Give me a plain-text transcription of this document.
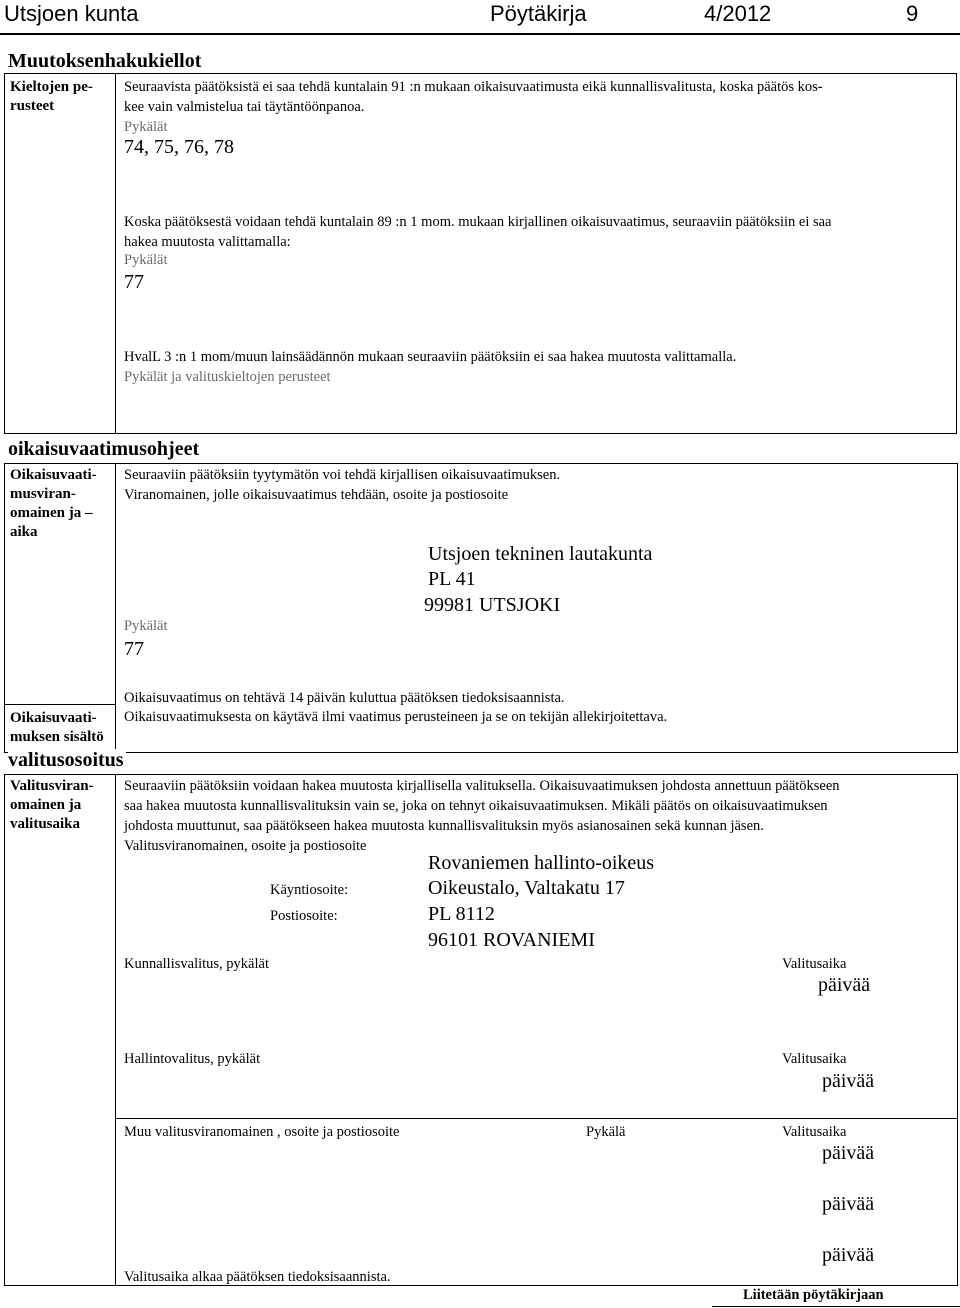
Utsjoen kunta	Pöytäkirja	4/2012	9
Muutoksenhakukiellot
Kieltojen pe-
rusteet
Seuraavista päätöksistä ei saa tehdä kuntalain 91 :n mukaan oikaisuvaatimusta eikä kunnallisvalitusta, koska päätös kos-
kee vain valmistelua tai täytäntöönpanoa.
Pykälät
74, 75, 76, 78
Koska päätöksestä voidaan tehdä kuntalain 89 :n 1 mom. mukaan kirjallinen oikaisuvaatimus, seuraaviin päätöksiin ei saa
hakea muutosta valittamalla:
Pykälät
77
HvalL 3 :n 1 mom/muun lainsäädännön mukaan seuraaviin päätöksiin ei saa hakea muutosta valittamalla.
Pykälät ja valituskieltojen perusteet
oikaisuvaatimusohjeet
Oikaisuvaati-
musviran-
omainen ja –
aika
Seuraaviin päätöksiin tyytymätön voi tehdä kirjallisen oikaisuvaatimuksen.
Viranomainen, jolle oikaisuvaatimus tehdään, osoite ja postiosoite
Utsjoen tekninen lautakunta
PL 41
99981 UTSJOKI
Pykälät
77
Oikaisuvaatimus on tehtävä 14 päivän kuluttua päätöksen tiedoksisaannista.
Oikaisuvaati-
muksen sisältö
Oikaisuvaatimuksesta on käytävä ilmi vaatimus perusteineen ja se on tekijän allekirjoitettava.
valitusosoitus
Valitusviran-
omainen ja
valitusaika
Seuraaviin päätöksiin voidaan hakea muutosta kirjallisella valituksella. Oikaisuvaatimuksen johdosta annettuun päätökseen
saa hakea muutosta kunnallisvalituksin vain se, joka on tehnyt oikaisuvaatimuksen. Mikäli päätös on oikaisuvaatimuksen
johdosta muuttunut, saa päätökseen hakea muutosta kunnallisvalituksin myös asianosainen sekä kunnan jäsen.
Valitusviranomainen, osoite ja postiosoite
Rovaniemen hallinto-oikeus
Käyntiosoite:	Oikeustalo, Valtakatu 17
Postiosoite:	PL 8112
96101 ROVANIEMI
Kunnallisvalitus, pykälät	Valitusaika
päivää
Hallintovalitus, pykälät	Valitusaika
päivää
Muu valitusviranomainen , osoite ja postiosoite	Pykälä	Valitusaika
päivää
päivää
päivää
Valitusaika alkaa päätöksen tiedoksisaannista.
Liitetään pöytäkirjaan
